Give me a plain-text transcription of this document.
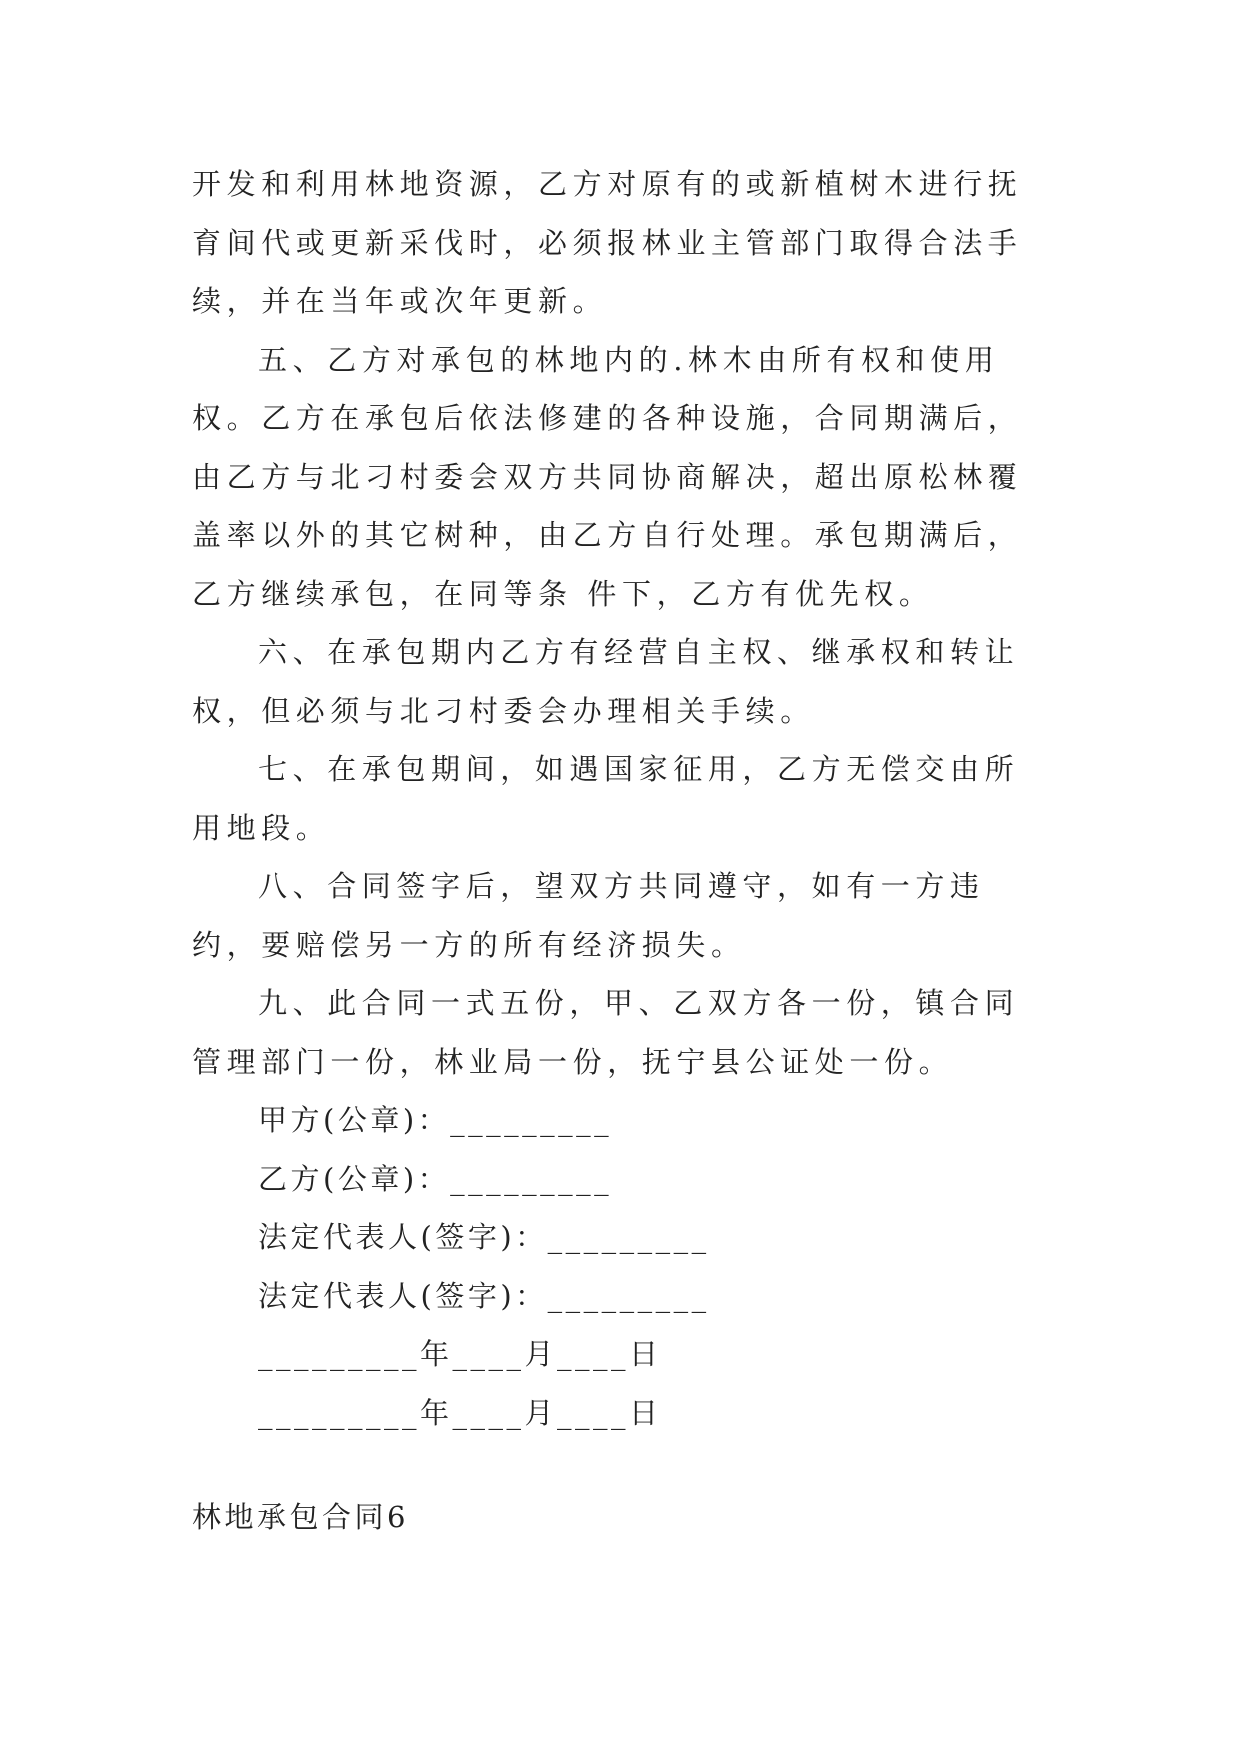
开发和利用林地资源，乙方对原有的或新植树木进行抚育间代或更新采伐时，必须报林业主管部门取得合法手续，并在当年或次年更新。

五、乙方对承包的林地内的.林木由所有权和使用权。乙方在承包后依法修建的各种设施，合同期满后，由乙方与北刁村委会双方共同协商解决，超出原松林覆盖率以外的其它树种，由乙方自行处理。承包期满后，乙方继续承包，在同等条 件下，乙方有优先权。

六、在承包期内乙方有经营自主权、继承权和转让权，但必须与北刁村委会办理相关手续。

七、在承包期间，如遇国家征用，乙方无偿交由所用地段。

八、合同签字后，望双方共同遵守，如有一方违约，要赔偿另一方的所有经济损失。

九、此合同一式五份，甲、乙双方各一份，镇合同管理部门一份，林业局一份，抚宁县公证处一份。

甲方(公章)：_________

乙方(公章)：_________

法定代表人(签字)：_________

法定代表人(签字)：_________

_________年____月____日

_________年____月____日

林地承包合同6
